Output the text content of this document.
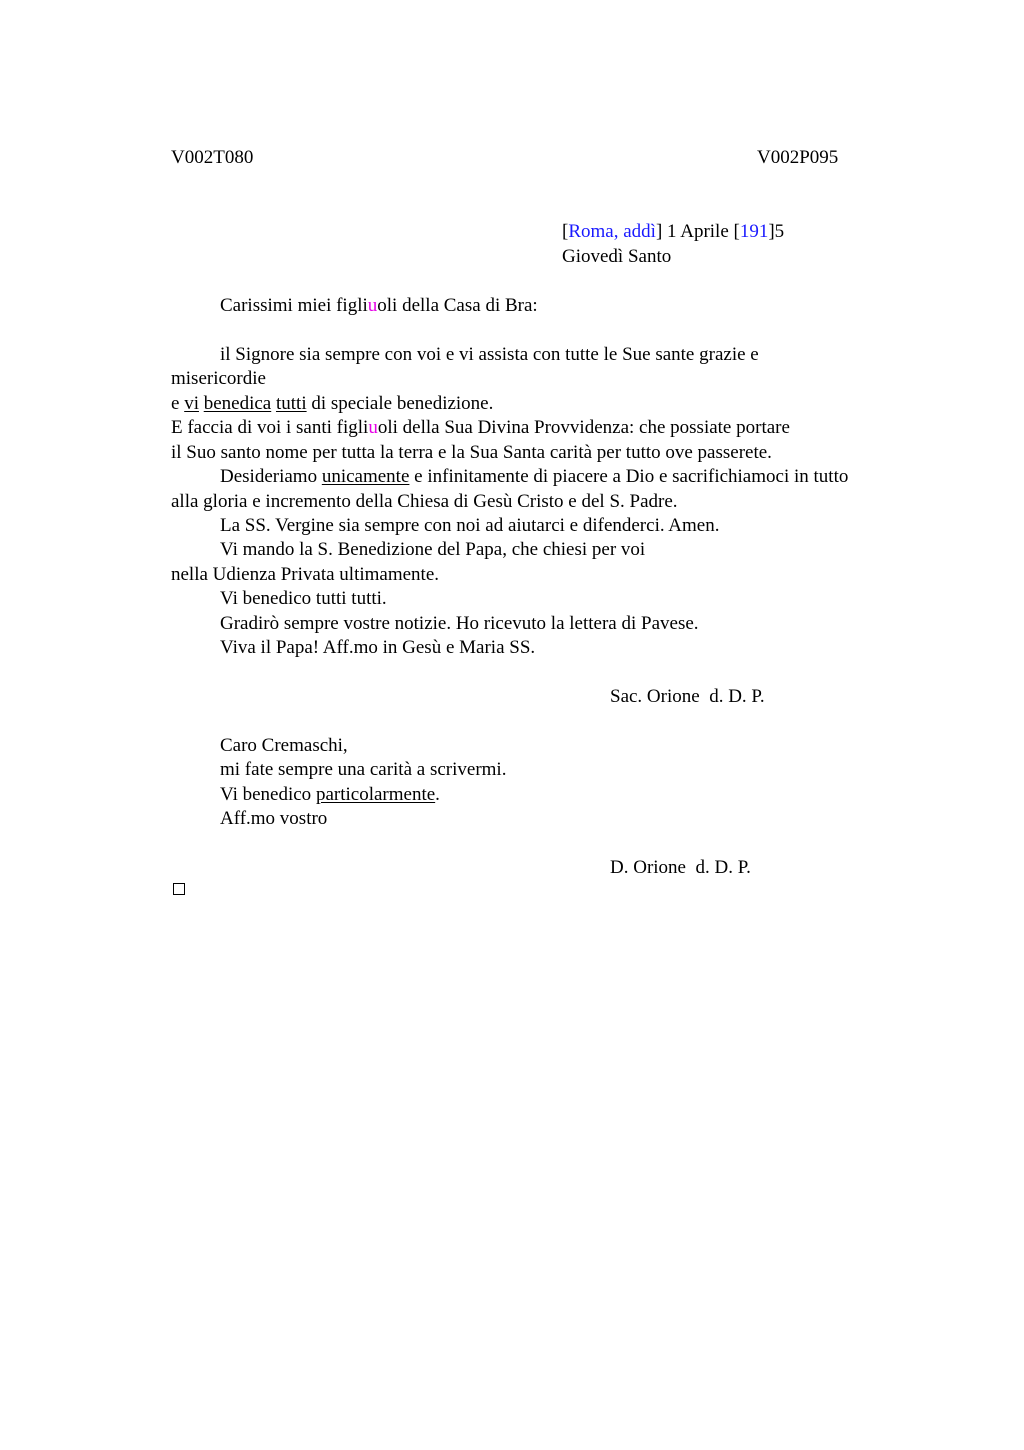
V002T080	V002P095
[Roma, addì] 1 Aprile [191]5
Giovedì Santo
Carissimi miei figliuoli della Casa di Bra:
il Signore sia sempre con voi e vi assista con tutte le Sue sante grazie e
misericordie
e vi benedica tutti di speciale benedizione.
E faccia di voi i santi figliuoli della Sua Divina Provvidenza: che possiate portare
il Suo santo nome per tutta la terra e la Sua Santa carità per tutto ove passerete.
Desideriamo unicamente e infinitamente di piacere a Dio e sacrifichiamoci in tutto
alla gloria e incremento della Chiesa di Gesù Cristo e del S. Padre.
La SS. Vergine sia sempre con noi ad aiutarci e difenderci. Amen.
Vi mando la S. Benedizione del Papa, che chiesi per voi
nella Udienza Privata ultimamente.
Vi benedico tutti tutti.
Gradirò sempre vostre notizie. Ho ricevuto la lettera di Pavese.
Viva il Papa! Aff.mo in Gesù e Maria SS.
Sac. Orione  d. D. P.
Caro Cremaschi,
mi fate sempre una carità a scrivermi.
Vi benedico particolarmente.
Aff.mo vostro
D. Orione  d. D. P.
